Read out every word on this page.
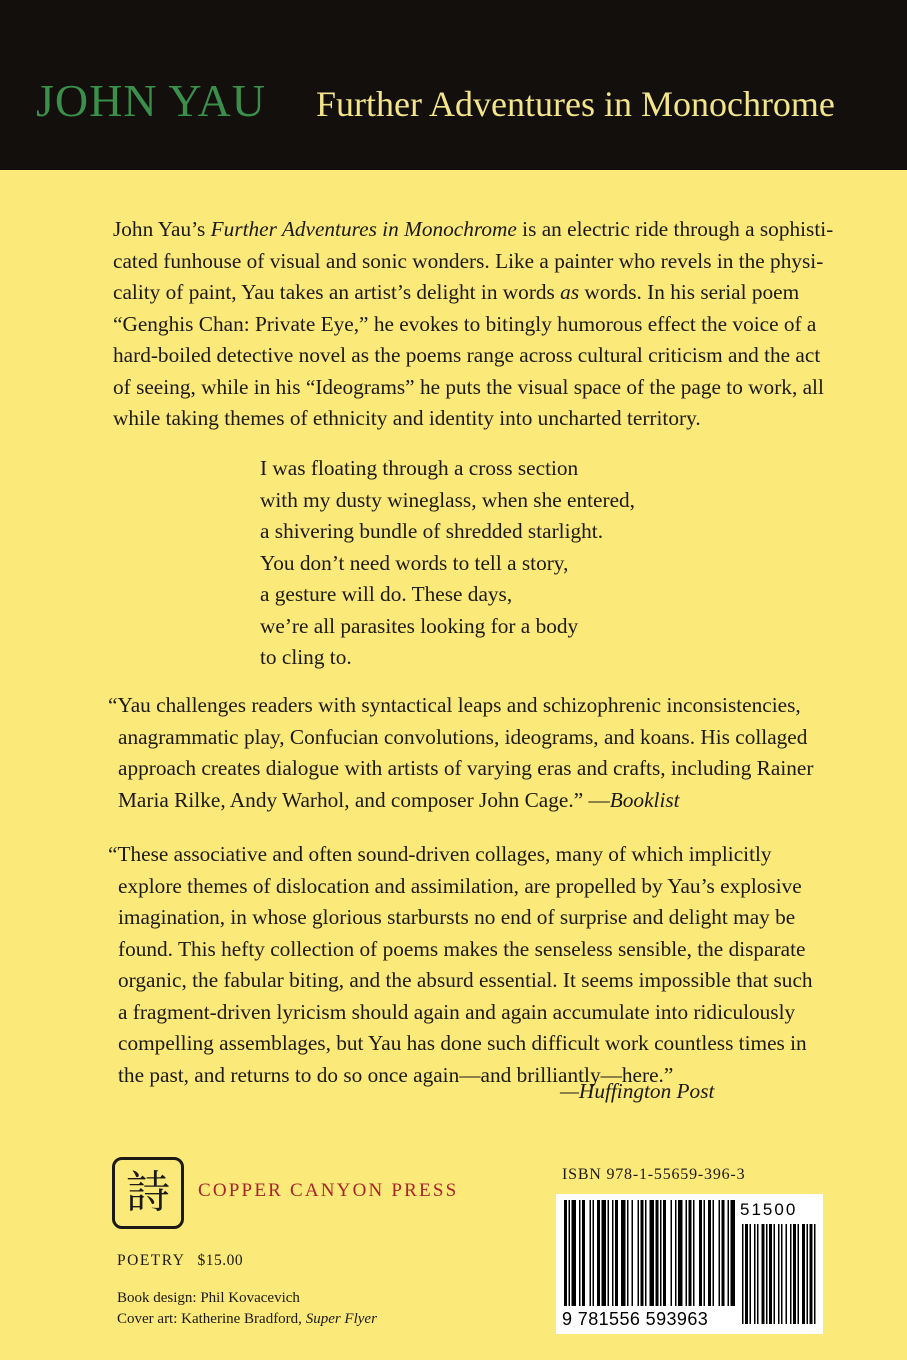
JOHN YAU Further Adventures in Monochrome

John Yau’s Further Adventures in Monochrome is an electric ride through a sophisti-
cated funhouse of visual and sonic wonders. Like a painter who revels in the physi-
cality of paint, Yau takes an artist’s delight in words as words. In his serial poem
“Genghis Chan: Private Eye,” he evokes to bitingly humorous effect the voice of a
hard-boiled detective novel as the poems range across cultural criticism and the act
of seeing, while in his “Ideograms” he puts the visual space of the page to work, all
while taking themes of ethnicity and identity into uncharted territory.

I was floating through a cross section
with my dusty wineglass, when she entered,
a shivering bundle of shredded starlight.
You don’t need words to tell a story,
a gesture will do. These days,
we’re all parasites looking for a body
to cling to.
“Yau challenges readers with syntactical leaps and schizophrenic inconsistencies,
anagrammatic play, Confucian convolutions, ideograms, and koans. His collaged
approach creates dialogue with artists of varying eras and crafts, including Rainer
Maria Rilke, Andy Warhol, and composer John Cage.” —Booklist
“These associative and often sound-driven collages, many of which implicitly
explore themes of dislocation and assimilation, are propelled by Yau’s explosive
imagination, in whose glorious starbursts no end of surprise and delight may be
found. This hefty collection of poems makes the senseless sensible, the disparate
organic, the fabular biting, and the absurd essential. It seems impossible that such
a fragment-driven lyricism should again and again accumulate into ridiculously
compelling assemblages, but Yau has done such difficult work countless times in
the past, and returns to do so once again—and brilliantly—here.”
—Huffington Post
詩	COPPER CANYON PRESS
POETRY $15.00
Book design: Phil Kovacevich
Cover art: Katherine Bradford, Super Flyer
ISBN 978-1-55659-396-3
51500
9 781556 593963
